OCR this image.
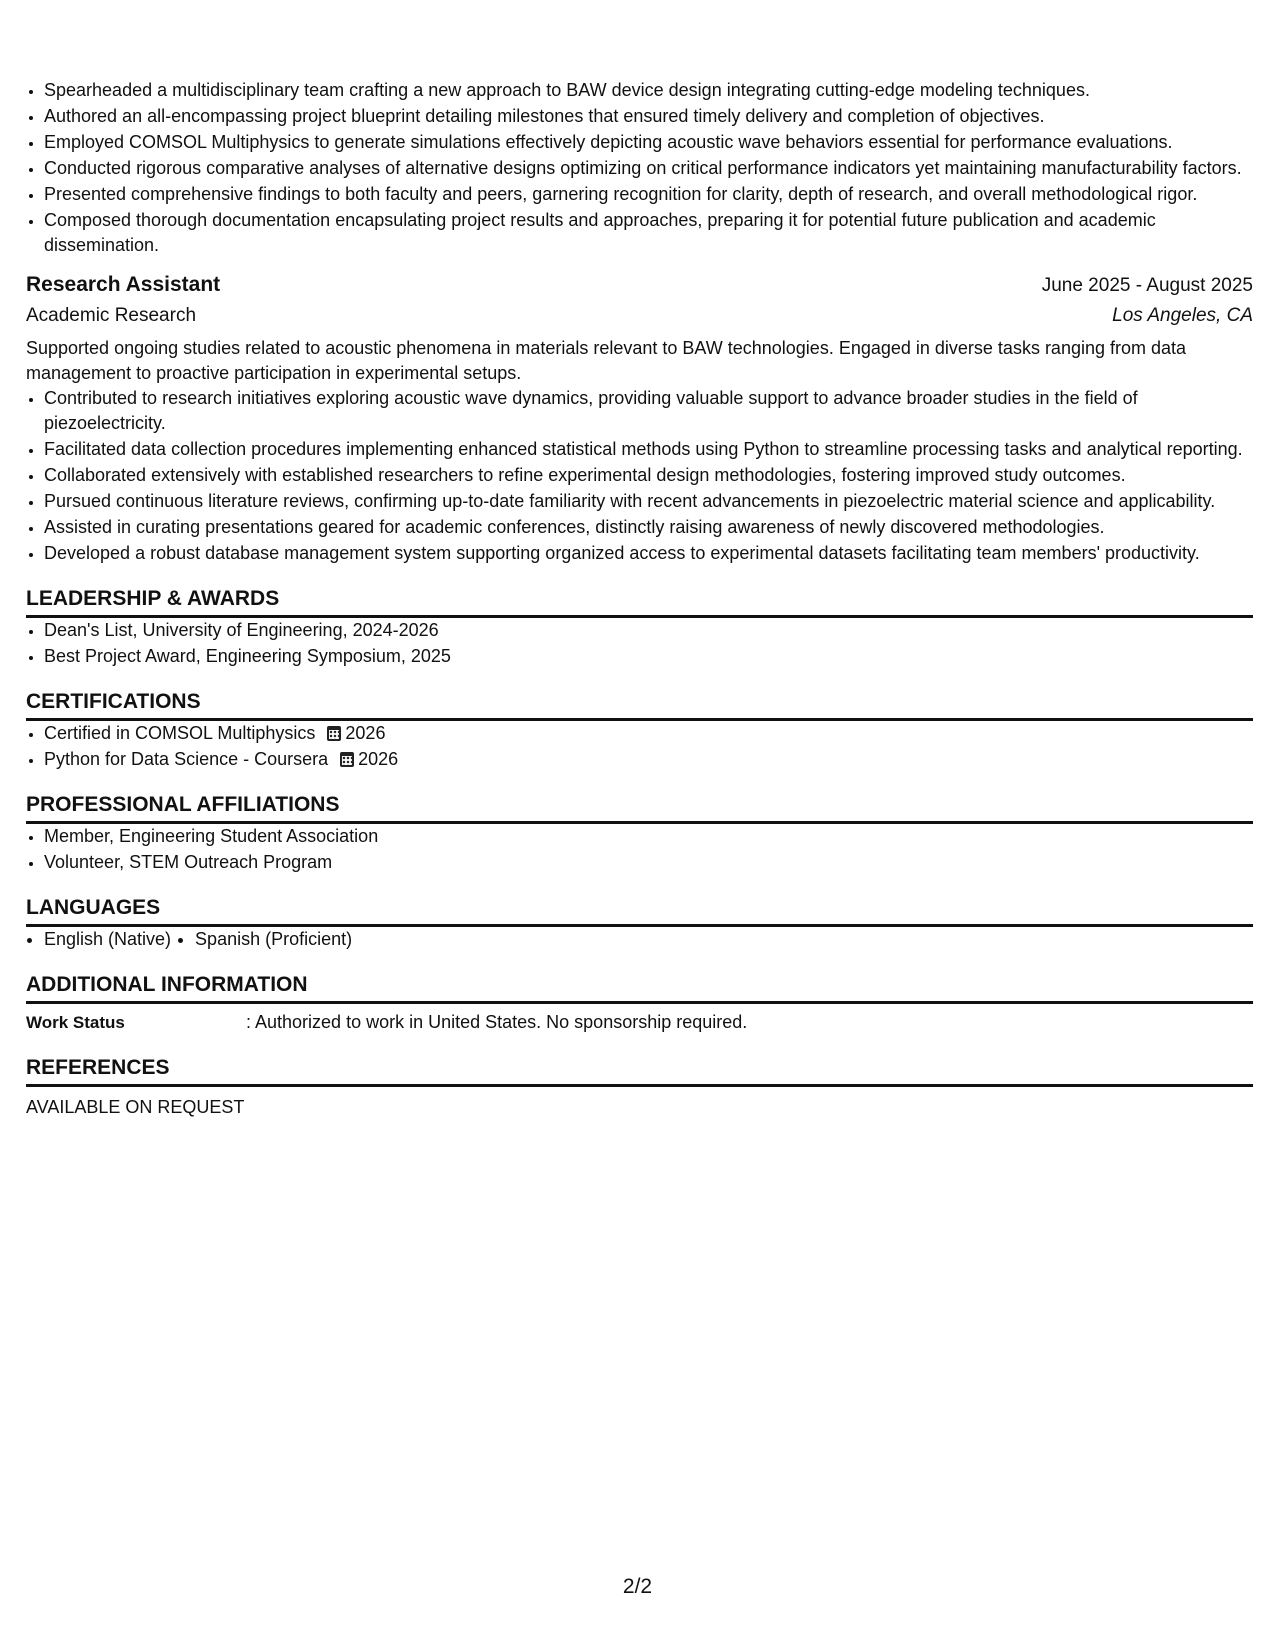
• Spearheaded a multidisciplinary team crafting a new approach to BAW device design integrating cutting-edge modeling techniques.
• Authored an all-encompassing project blueprint detailing milestones that ensured timely delivery and completion of objectives.
• Employed COMSOL Multiphysics to generate simulations effectively depicting acoustic wave behaviors essential for performance evaluations.
• Conducted rigorous comparative analyses of alternative designs optimizing on critical performance indicators yet maintaining manufacturability factors.
• Presented comprehensive findings to both faculty and peers, garnering recognition for clarity, depth of research, and overall methodological rigor.
• Composed thorough documentation encapsulating project results and approaches, preparing it for potential future publication and academic dissemination.
Research Assistant	June 2025 - August 2025
Academic Research	Los Angeles, CA

Supported ongoing studies related to acoustic phenomena in materials relevant to BAW technologies. Engaged in diverse tasks ranging from data management to proactive participation in experimental setups.

• Contributed to research initiatives exploring acoustic wave dynamics, providing valuable support to advance broader studies in the field of piezoelectricity.
• Facilitated data collection procedures implementing enhanced statistical methods using Python to streamline processing tasks and analytical reporting.
• Collaborated extensively with established researchers to refine experimental design methodologies, fostering improved study outcomes.
• Pursued continuous literature reviews, confirming up-to-date familiarity with recent advancements in piezoelectric material science and applicability.
• Assisted in curating presentations geared for academic conferences, distinctly raising awareness of newly discovered methodologies.
• Developed a robust database management system supporting organized access to experimental datasets facilitating team members' productivity.
LEADERSHIP & AWARDS
• Dean's List, University of Engineering, 2024-2026
• Best Project Award, Engineering Symposium, 2025
CERTIFICATIONS
• Certified in COMSOL Multiphysics 2026
• Python for Data Science - Coursera 2026
PROFESSIONAL AFFILIATIONS
• Member, Engineering Student Association
• Volunteer, STEM Outreach Program
LANGUAGES
• English (Native)
• Spanish (Proficient)
ADDITIONAL INFORMATION
Work Status	: Authorized to work in United States. No sponsorship required.
REFERENCES
AVAILABLE ON REQUEST
2/2
